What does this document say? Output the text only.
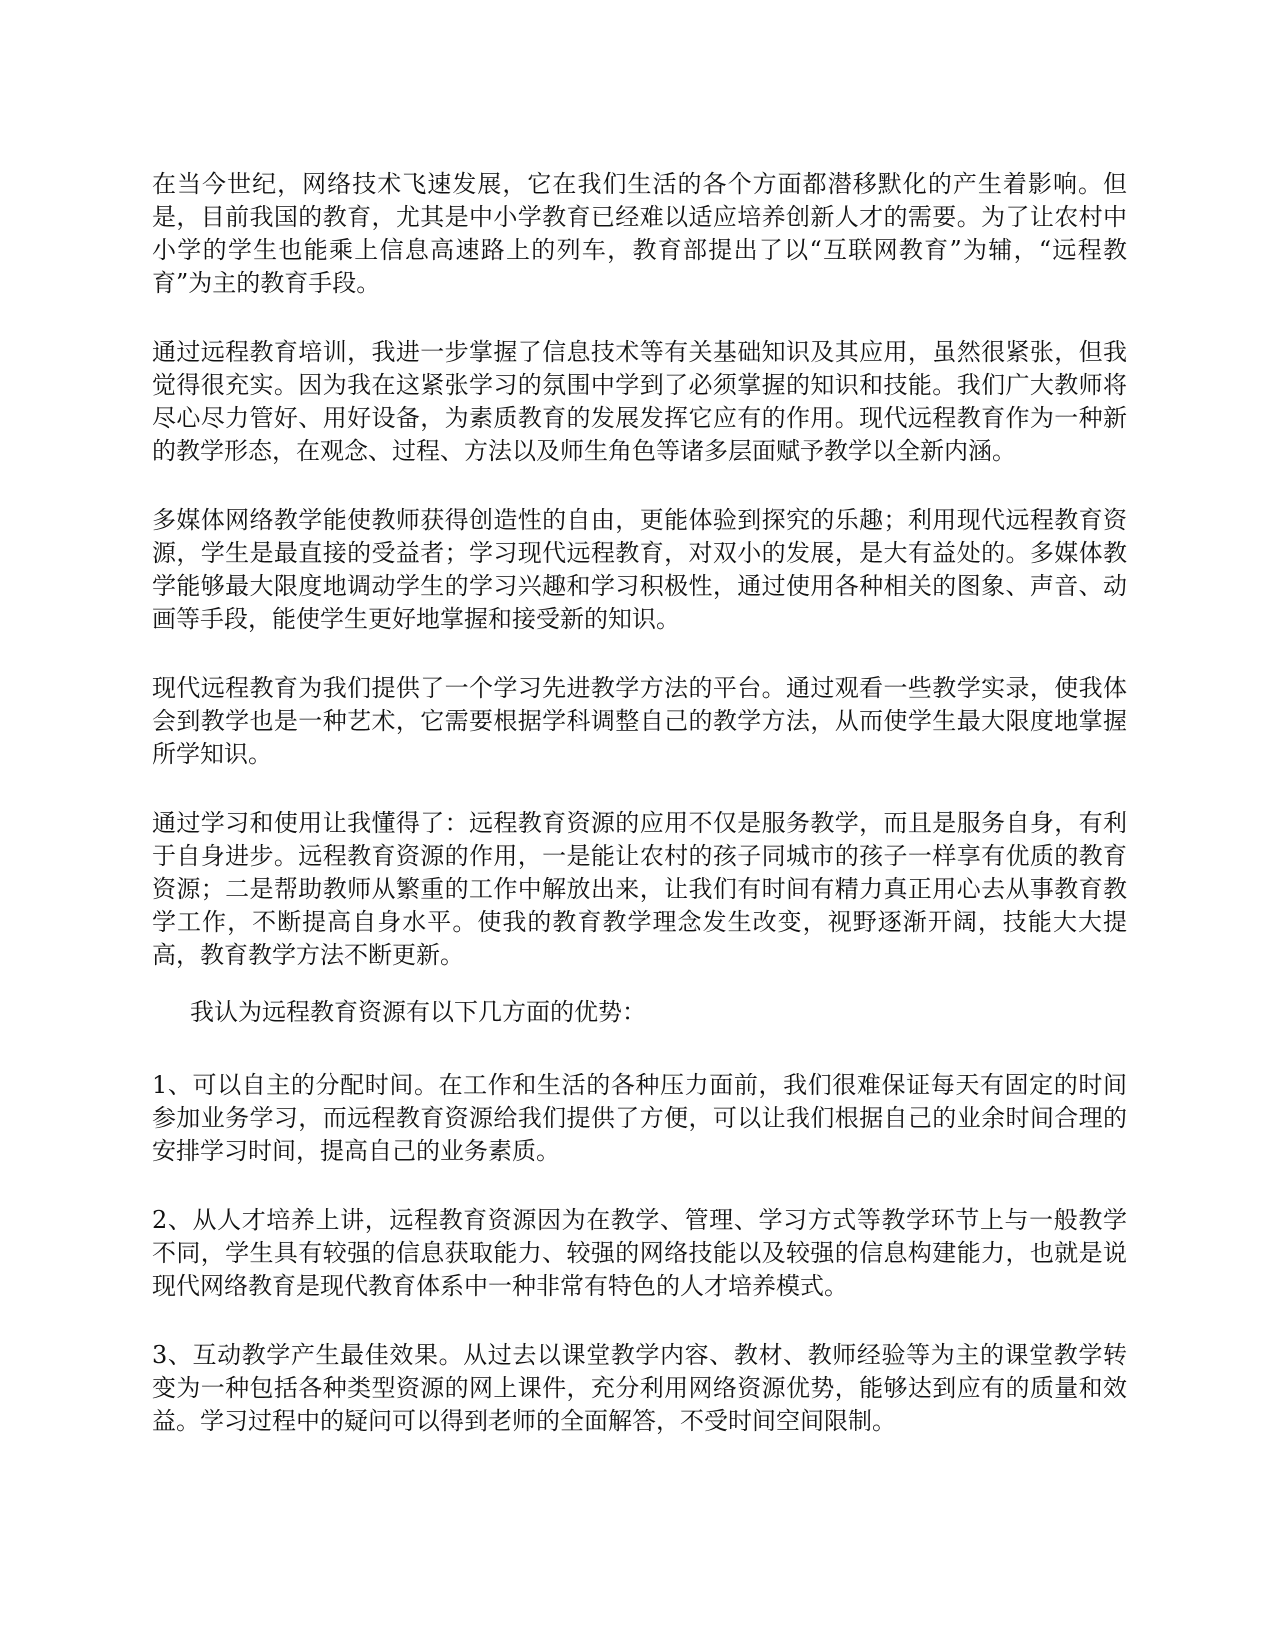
在当今世纪，网络技术飞速发展，它在我们生活的各个方面都潜移默化的产生着影响。但是，目前我国的教育，尤其是中小学教育已经难以适应培养创新人才的需要。为了让农村中小学的学生也能乘上信息高速路上的列车，教育部提出了以“互联网教育”为辅，“远程教育”为主的教育手段。

通过远程教育培训，我进一步掌握了信息技术等有关基础知识及其应用，虽然很紧张，但我觉得很充实。因为我在这紧张学习的氛围中学到了必须掌握的知识和技能。我们广大教师将尽心尽力管好、用好设备，为素质教育的发展发挥它应有的作用。现代远程教育作为一种新的教学形态，在观念、过程、方法以及师生角色等诸多层面赋予教学以全新内涵。

多媒体网络教学能使教师获得创造性的自由，更能体验到探究的乐趣；利用现代远程教育资源，学生是最直接的受益者；学习现代远程教育，对双小的发展，是大有益处的。多媒体教学能够最大限度地调动学生的学习兴趣和学习积极性，通过使用各种相关的图象、声音、动画等手段，能使学生更好地掌握和接受新的知识。

现代远程教育为我们提供了一个学习先进教学方法的平台。通过观看一些教学实录，使我体会到教学也是一种艺术，它需要根据学科调整自己的教学方法，从而使学生最大限度地掌握所学知识。

通过学习和使用让我懂得了：远程教育资源的应用不仅是服务教学，而且是服务自身，有利于自身进步。远程教育资源的作用，一是能让农村的孩子同城市的孩子一样享有优质的教育资源；二是帮助教师从繁重的工作中解放出来，让我们有时间有精力真正用心去从事教育教学工作，不断提高自身水平。使我的教育教学理念发生改变，视野逐渐开阔，技能大大提高，教育教学方法不断更新。

我认为远程教育资源有以下几方面的优势：

1、可以自主的分配时间。在工作和生活的各种压力面前，我们很难保证每天有固定的时间参加业务学习，而远程教育资源给我们提供了方便，可以让我们根据自己的业余时间合理的安排学习时间，提高自己的业务素质。

2、从人才培养上讲，远程教育资源因为在教学、管理、学习方式等教学环节上与一般教学不同，学生具有较强的信息获取能力、较强的网络技能以及较强的信息构建能力，也就是说现代网络教育是现代教育体系中一种非常有特色的人才培养模式。

3、互动教学产生最佳效果。从过去以课堂教学内容、教材、教师经验等为主的课堂教学转变为一种包括各种类型资源的网上课件，充分利用网络资源优势，能够达到应有的质量和效益。学习过程中的疑问可以得到老师的全面解答，不受时间空间限制。
